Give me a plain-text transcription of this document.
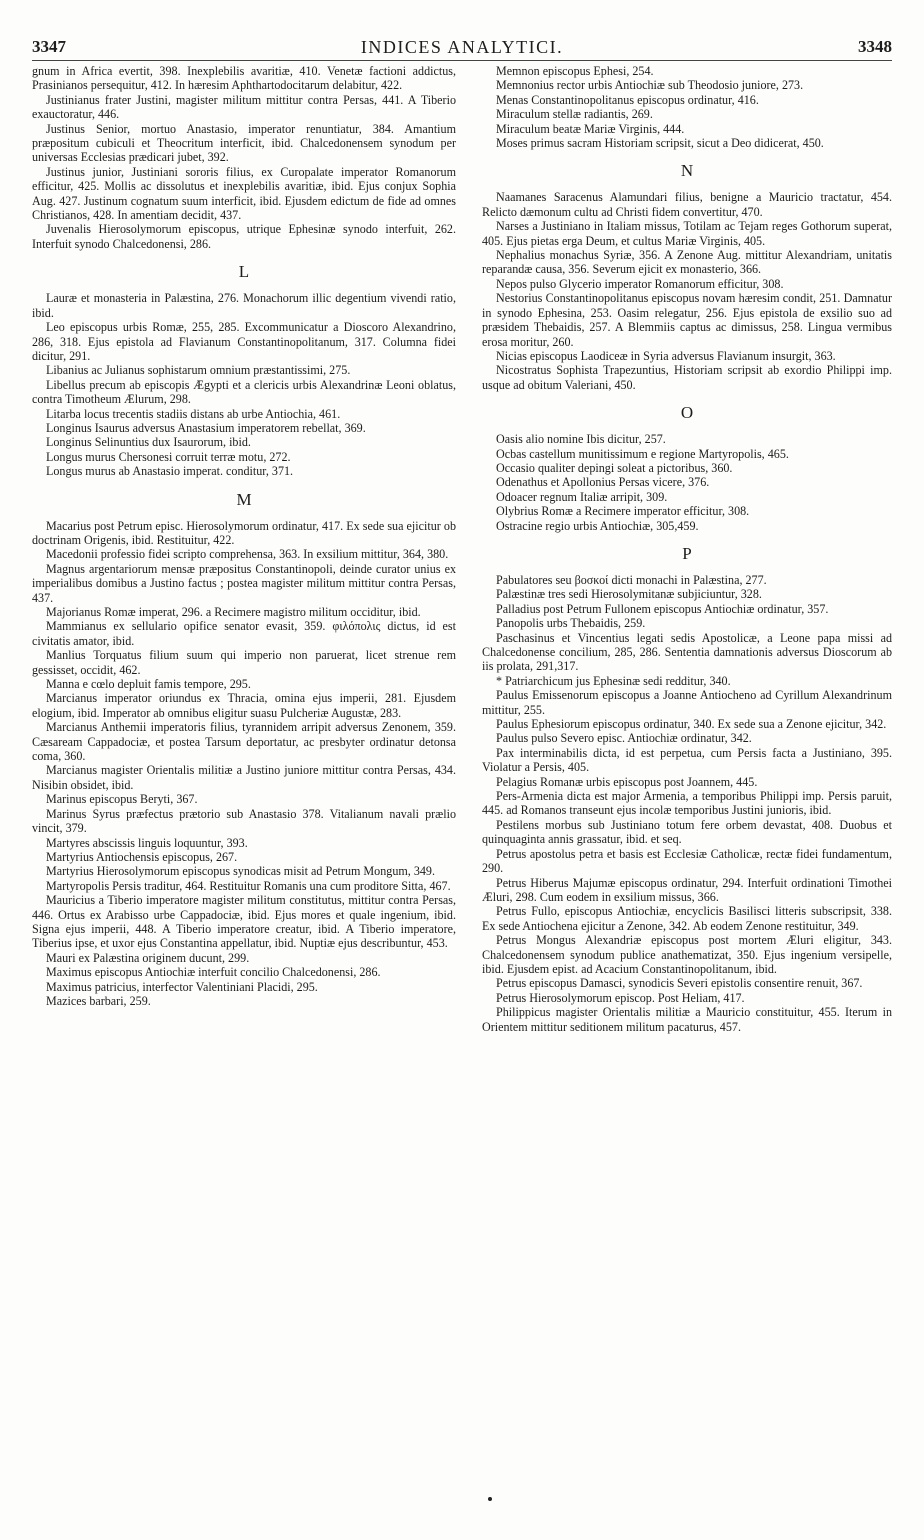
3347	INDICES ANALYTICI.	3348

gnum in Africa evertit, 398. Inexplebilis avaritiæ, 410. Venetæ factioni addictus, Prasinianos persequitur, 412. In hæresim Aphthartodocitarum delabitur, 422.

Justinianus frater Justini, magister militum mittitur contra Persas, 441. A Tiberio exauctoratur, 446.

Justinus Senior, mortuo Anastasio, imperator renuntiatur, 384. Amantium præpositum cubiculi et Theocritum interficit, ibid. Chalcedonensem synodum per universas Ecclesias prædicari jubet, 392.

Justinus junior, Justiniani sororis filius, ex Curopalate imperator Romanorum efficitur, 425. Mollis ac dissolutus et inexplebilis avaritiæ, ibid. Ejus conjux Sophia Aug. 427. Justinum cognatum suum interficit, ibid. Ejusdem edictum de fide ad omnes Christianos, 428. In amentiam decidit, 437.

Juvenalis Hierosolymorum episcopus, utrique Ephesinæ synodo interfuit, 262. Interfuit synodo Chalcedonensi, 286.

L

Lauræ et monasteria in Palæstina, 276. Monachorum illic degentium vivendi ratio, ibid.

Leo episcopus urbis Romæ, 255, 285. Excommunicatur a Dioscoro Alexandrino, 286, 318. Ejus epistola ad Flavianum Constantinopolitanum, 317. Columna fidei dicitur, 291.

Libanius ac Julianus sophistarum omnium præstantissimi, 275.

Libellus precum ab episcopis Ægypti et a clericis urbis Alexandrinæ Leoni oblatus, contra Timotheum Ælurum, 298.

Litarba locus trecentis stadiis distans ab urbe Antiochia, 461.

Longinus Isaurus adversus Anastasium imperatorem rebellat, 369.

Longinus Selinuntius dux Isaurorum, ibid.

Longus murus Chersonesi corruit terræ motu, 272.

Longus murus ab Anastasio imperat. conditur, 371.

M

Macarius post Petrum episc. Hierosolymorum ordinatur, 417. Ex sede sua ejicitur ob doctrinam Origenis, ibid. Restituitur, 422.

Macedonii professio fidei scripto comprehensa, 363. In exsilium mittitur, 364, 380.

Magnus argentariorum mensæ præpositus Constantinopoli, deinde curator unius ex imperialibus domibus a Justino factus ; postea magister militum mittitur contra Persas, 437.

Majorianus Romæ imperat, 296. a Recimere magistro militum occiditur, ibid.

Mammianus ex sellulario opifice senator evasit, 359. φιλόπολις dictus, id est civitatis amator, ibid.

Manlius Torquatus filium suum qui imperio non paruerat, licet strenue rem gessisset, occidit, 462.

Manna e cœlo depluit famis tempore, 295.

Marcianus imperator oriundus ex Thracia, omina ejus imperii, 281. Ejusdem elogium, ibid. Imperator ab omnibus eligitur suasu Pulcheriæ Augustæ, 283.

Marcianus Anthemii imperatoris filius, tyrannidem arripit adversus Zenonem, 359. Cæsaream Cappadociæ, et postea Tarsum deportatur, ac presbyter ordinatur detonsa coma, 360.

Marcianus magister Orientalis militiæ a Justino juniore mittitur contra Persas, 434. Nisibin obsidet, ibid.

Marinus episcopus Beryti, 367.

Marinus Syrus præfectus prætorio sub Anastasio 378. Vitalianum navali prælio vincit, 379.

Martyres abscissis linguis loquuntur, 393.

Martyrius Antiochensis episcopus, 267.

Martyrius Hierosolymorum episcopus synodicas misit ad Petrum Mongum, 349.

Martyropolis Persis traditur, 464. Restituitur Romanis una cum proditore Sitta, 467.

Mauricius a Tiberio imperatore magister militum constitutus, mittitur contra Persas, 446. Ortus ex Arabisso urbe Cappadociæ, ibid. Ejus mores et quale ingenium, ibid. Signa ejus imperii, 448. A Tiberio imperatore creatur, ibid. A Tiberio imperatore, Tiberius ipse, et uxor ejus Constantina appellatur, ibid. Nuptiæ ejus describuntur, 453.

Mauri ex Palæstina originem ducunt, 299.

Maximus episcopus Antiochiæ interfuit concilio Chalcedonensi, 286.

Maximus patricius, interfector Valentiniani Placidi, 295.

Mazices barbari, 259.

Memnon episcopus Ephesi, 254.

Memnonius rector urbis Antiochiæ sub Theodosio juniore, 273.

Menas Constantinopolitanus episcopus ordinatur, 416.

Miraculum stellæ radiantis, 269.

Miraculum beatæ Mariæ Virginis, 444.

Moses primus sacram Historiam scripsit, sicut a Deo didicerat, 450.

N

Naamanes Saracenus Alamundari filius, benigne a Mauricio tractatur, 454. Relicto dæmonum cultu ad Christi fidem convertitur, 470.

Narses a Justiniano in Italiam missus, Totilam ac Tejam reges Gothorum superat, 405. Ejus pietas erga Deum, et cultus Mariæ Virginis, 405.

Nephalius monachus Syriæ, 356. A Zenone Aug. mittitur Alexandriam, unitatis reparandæ causa, 356. Severum ejicit ex monasterio, 366.

Nepos pulso Glycerio imperator Romanorum efficitur, 308.

Nestorius Constantinopolitanus episcopus novam hæresim condit, 251. Damnatur in synodo Ephesina, 253. Oasim relegatur, 256. Ejus epistola de exsilio suo ad præsidem Thebaidis, 257. A Blemmiis captus ac dimissus, 258. Lingua vermibus erosa moritur, 260.

Nicias episcopus Laodiceæ in Syria adversus Flavianum insurgit, 363.

Nicostratus Sophista Trapezuntius, Historiam scripsit ab exordio Philippi imp. usque ad obitum Valeriani, 450.

O

Oasis alio nomine Ibis dicitur, 257.

Ocbas castellum munitissimum e regione Martyropolis, 465.

Occasio qualiter depingi soleat a pictoribus, 360.

Odenathus et Apollonius Persas vicere, 376.

Odoacer regnum Italiæ arripit, 309.

Olybrius Romæ a Recimere imperator efficitur, 308.

Ostracine regio urbis Antiochiæ, 305,459.

P

Pabulatores seu βοσκοί dicti monachi in Palæstina, 277.

Palæstinæ tres sedi Hierosolymitanæ subjiciuntur, 328.

Palladius post Petrum Fullonem episcopus Antiochiæ ordinatur, 357.

Panopolis urbs Thebaidis, 259.

Paschasinus et Vincentius legati sedis Apostolicæ, a Leone papa missi ad Chalcedonense concilium, 285, 286. Sententia damnationis adversus Dioscorum ab iis prolata, 291,317.

* Patriarchicum jus Ephesinæ sedi redditur, 340.

Paulus Emissenorum episcopus a Joanne Antiocheno ad Cyrillum Alexandrinum mittitur, 255.

Paulus Ephesiorum episcopus ordinatur, 340. Ex sede sua a Zenone ejicitur, 342.

Paulus pulso Severo episc. Antiochiæ ordinatur, 342.

Pax interminabilis dicta, id est perpetua, cum Persis facta a Justiniano, 395. Violatur a Persis, 405.

Pelagius Romanæ urbis episcopus post Joannem, 445.

Pers-Armenia dicta est major Armenia, a temporibus Philippi imp. Persis paruit, 445. ad Romanos transeunt ejus incolæ temporibus Justini junioris, ibid.

Pestilens morbus sub Justiniano totum fere orbem devastat, 408. Duobus et quinquaginta annis grassatur, ibid. et seq.

Petrus apostolus petra et basis est Ecclesiæ Catholicæ, rectæ fidei fundamentum, 290.

Petrus Hiberus Majumæ episcopus ordinatur, 294. Interfuit ordinationi Timothei Æluri, 298. Cum eodem in exsilium missus, 366.

Petrus Fullo, episcopus Antiochiæ, encyclicis Basilisci litteris subscripsit, 338. Ex sede Antiochena ejicitur a Zenone, 342. Ab eodem Zenone restituitur, 349.

Petrus Mongus Alexandriæ episcopus post mortem Æluri eligitur, 343. Chalcedonensem synodum publice anathematizat, 350. Ejus ingenium versipelle, ibid. Ejusdem epist. ad Acacium Constantinopolitanum, ibid.

Petrus episcopus Damasci, synodicis Severi epistolis consentire renuit, 367.

Petrus Hierosolymorum episcop. Post Heliam, 417.

Philippicus magister Orientalis militiæ a Mauricio constituitur, 455. Iterum in Orientem mittitur seditionem militum pacaturus, 457.
